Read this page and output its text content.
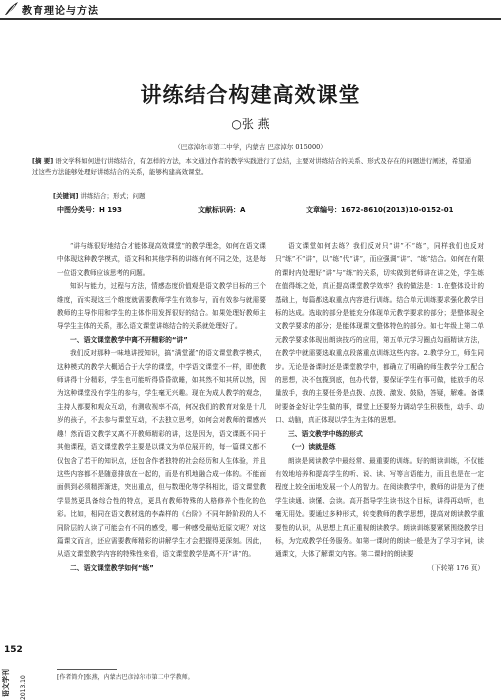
教育理论与方法
讲练结合构建高效课堂
○张 燕
（巴彦淖尔市第二中学，内蒙古 巴彦淖尔 015000）
[摘 要] 语文学科如何进行讲练结合，有怎样的方法，本文通过作者的教学实践进行了总结，主要对讲练结合的关系、形式及存在的问题进行阐述，希望通过这些方法能够处理好讲练结合的关系，能够构建高效课堂。
[关键词] 讲练结合；形式；问题
中图分类号：H 193	文献标识码：A	文章编号：1672-8610(2013)10-0152-01

“讲与练很好地结合才能体现高效课堂”的教学理念，如何在语文课中体现这种教学模式，语文科和其他学科的讲练有何不同之处，这是每一位语文教师应该思考的问题。

知识与能力，过程与方法，情感态度价值观是语文教学目标的三个维度，而实现这三个维度就需要教师学生有效参与，而有效参与就需要教师的主导作用和学生的主体作用发挥很好的结合。如果处理好教师主导学生主体的关系，那么语文课堂讲练结合的关系就处理好了。

一、语文课堂教学中离不开精彩的“讲”

我们反对那种一味地讲授知识，搞“满堂灌”的语文课堂教学模式，这种模式的教学大概适合于大学的课堂，中学语文课堂不一样，即使教师讲得十分精彩，学生也可能听得昏昏欲睡，如其然不知其所以然，因为这种课堂没有学生的参与，学生毫无兴趣。现在为成人教学的观念，主持人都要和观众互动，有测收视率不高，何况我们的教育对象是十几岁的孩子，不去参与课堂互动，不去独立思考，如何会对教师的课感兴趣！然而语文教学又离不开教师精彩的讲，这是因为，语文课既不同于其他课程，语文课堂教学主要是以课文为单位展开的，每一篇课文都不仅包含了若干的知识点，还包含作者独特的社会经历和人生体验，并且这些内容都不是随意排放在一起的，而是有机地融合成一体的。不能面面俱到必须精挥渐进，突出重点，但与数理化等学科相比，语文课堂教学显然更具备综合性的特点，更具有教师特殊的人格修养个性化的色彩。比如，相同在语文教材选的李森样的《台阶》不同年龄阶段的人不同阶层的人读了可能会有不同的感受，哪一种感受最贴近原文呢？对这篇课文而言，还应需要教师精彩的讲解学生才会把握得更深刻。因此，从语文课堂教学内容的特殊性来看，语文课堂教学是离不开“讲”的。

二、语文课堂教学如何“练”

语文课堂如何去练？我们反对只“讲”不“练”，同样我们也反对只“练”不“讲”，以“练”代“讲”，而应强调“讲”、“练”结合。如何在有限的课时内处理好“讲”与“练”的关系，切实做到老师讲在讲之处，学生练在值得练之处，真正提高课堂教学效率？我的做法是：1.在整体设计的基础上，每篇都选取重点内容进行训练。结合单元训练要求强化教学目标的达成。选取的部分是能充分体现单元教学要求的部分；是整体现全文教学要求的部分；是能体现课文整体特色的部分。如七年级上第二单元教学要求体现出朗读技巧的应用，第五单元学习圈点勾画精读方法，在教学中就需要选取重点段落重点训练这些内容。2.教学分工，师生同步。无论是备课时还是课堂教学中，都确立了明确的师生教学分工配合的思想，决不包揽到底，包办代替，要保证学生有事可做，能放手的尽量放手，我的主要任务是点拨、点拨、激发、鼓励，答疑，解难。备课时要备金好让学生做的事，课堂上还要努力调动学生积极性，动手、动口、动脑，真正体现以学生为主体的思想。

三、语文教学中练的形式
（一）读就是练

朗读是阅读教学中最经常、最重要的训练。好的朗读训练，不仅能有效地培养和提高学生的听、说、读、写等言语能力，而且也是在一定程度上较全面地发展一个人的智力。在阅读教学中，教师的讲是为了使学生读通、读懂、会读。高开指导学生读书这个目标，讲得再动听，也毫无用处。要通过多种形式，转变教师的教学思想，提高对朗读教学重要性的认识，从思想上真正重视朗读教学。朗读训练要紧紧围绕教学目标，为完成教学任务服务。如第一课时的朗读一般是为了学习字词，读通课文，大体了解课文内容。第二课时的朗读要

（下转第 176 页）

[作者简介]张燕，内蒙古巴彦淖尔市第二中学教师。
152
语文学刊 2013.10
